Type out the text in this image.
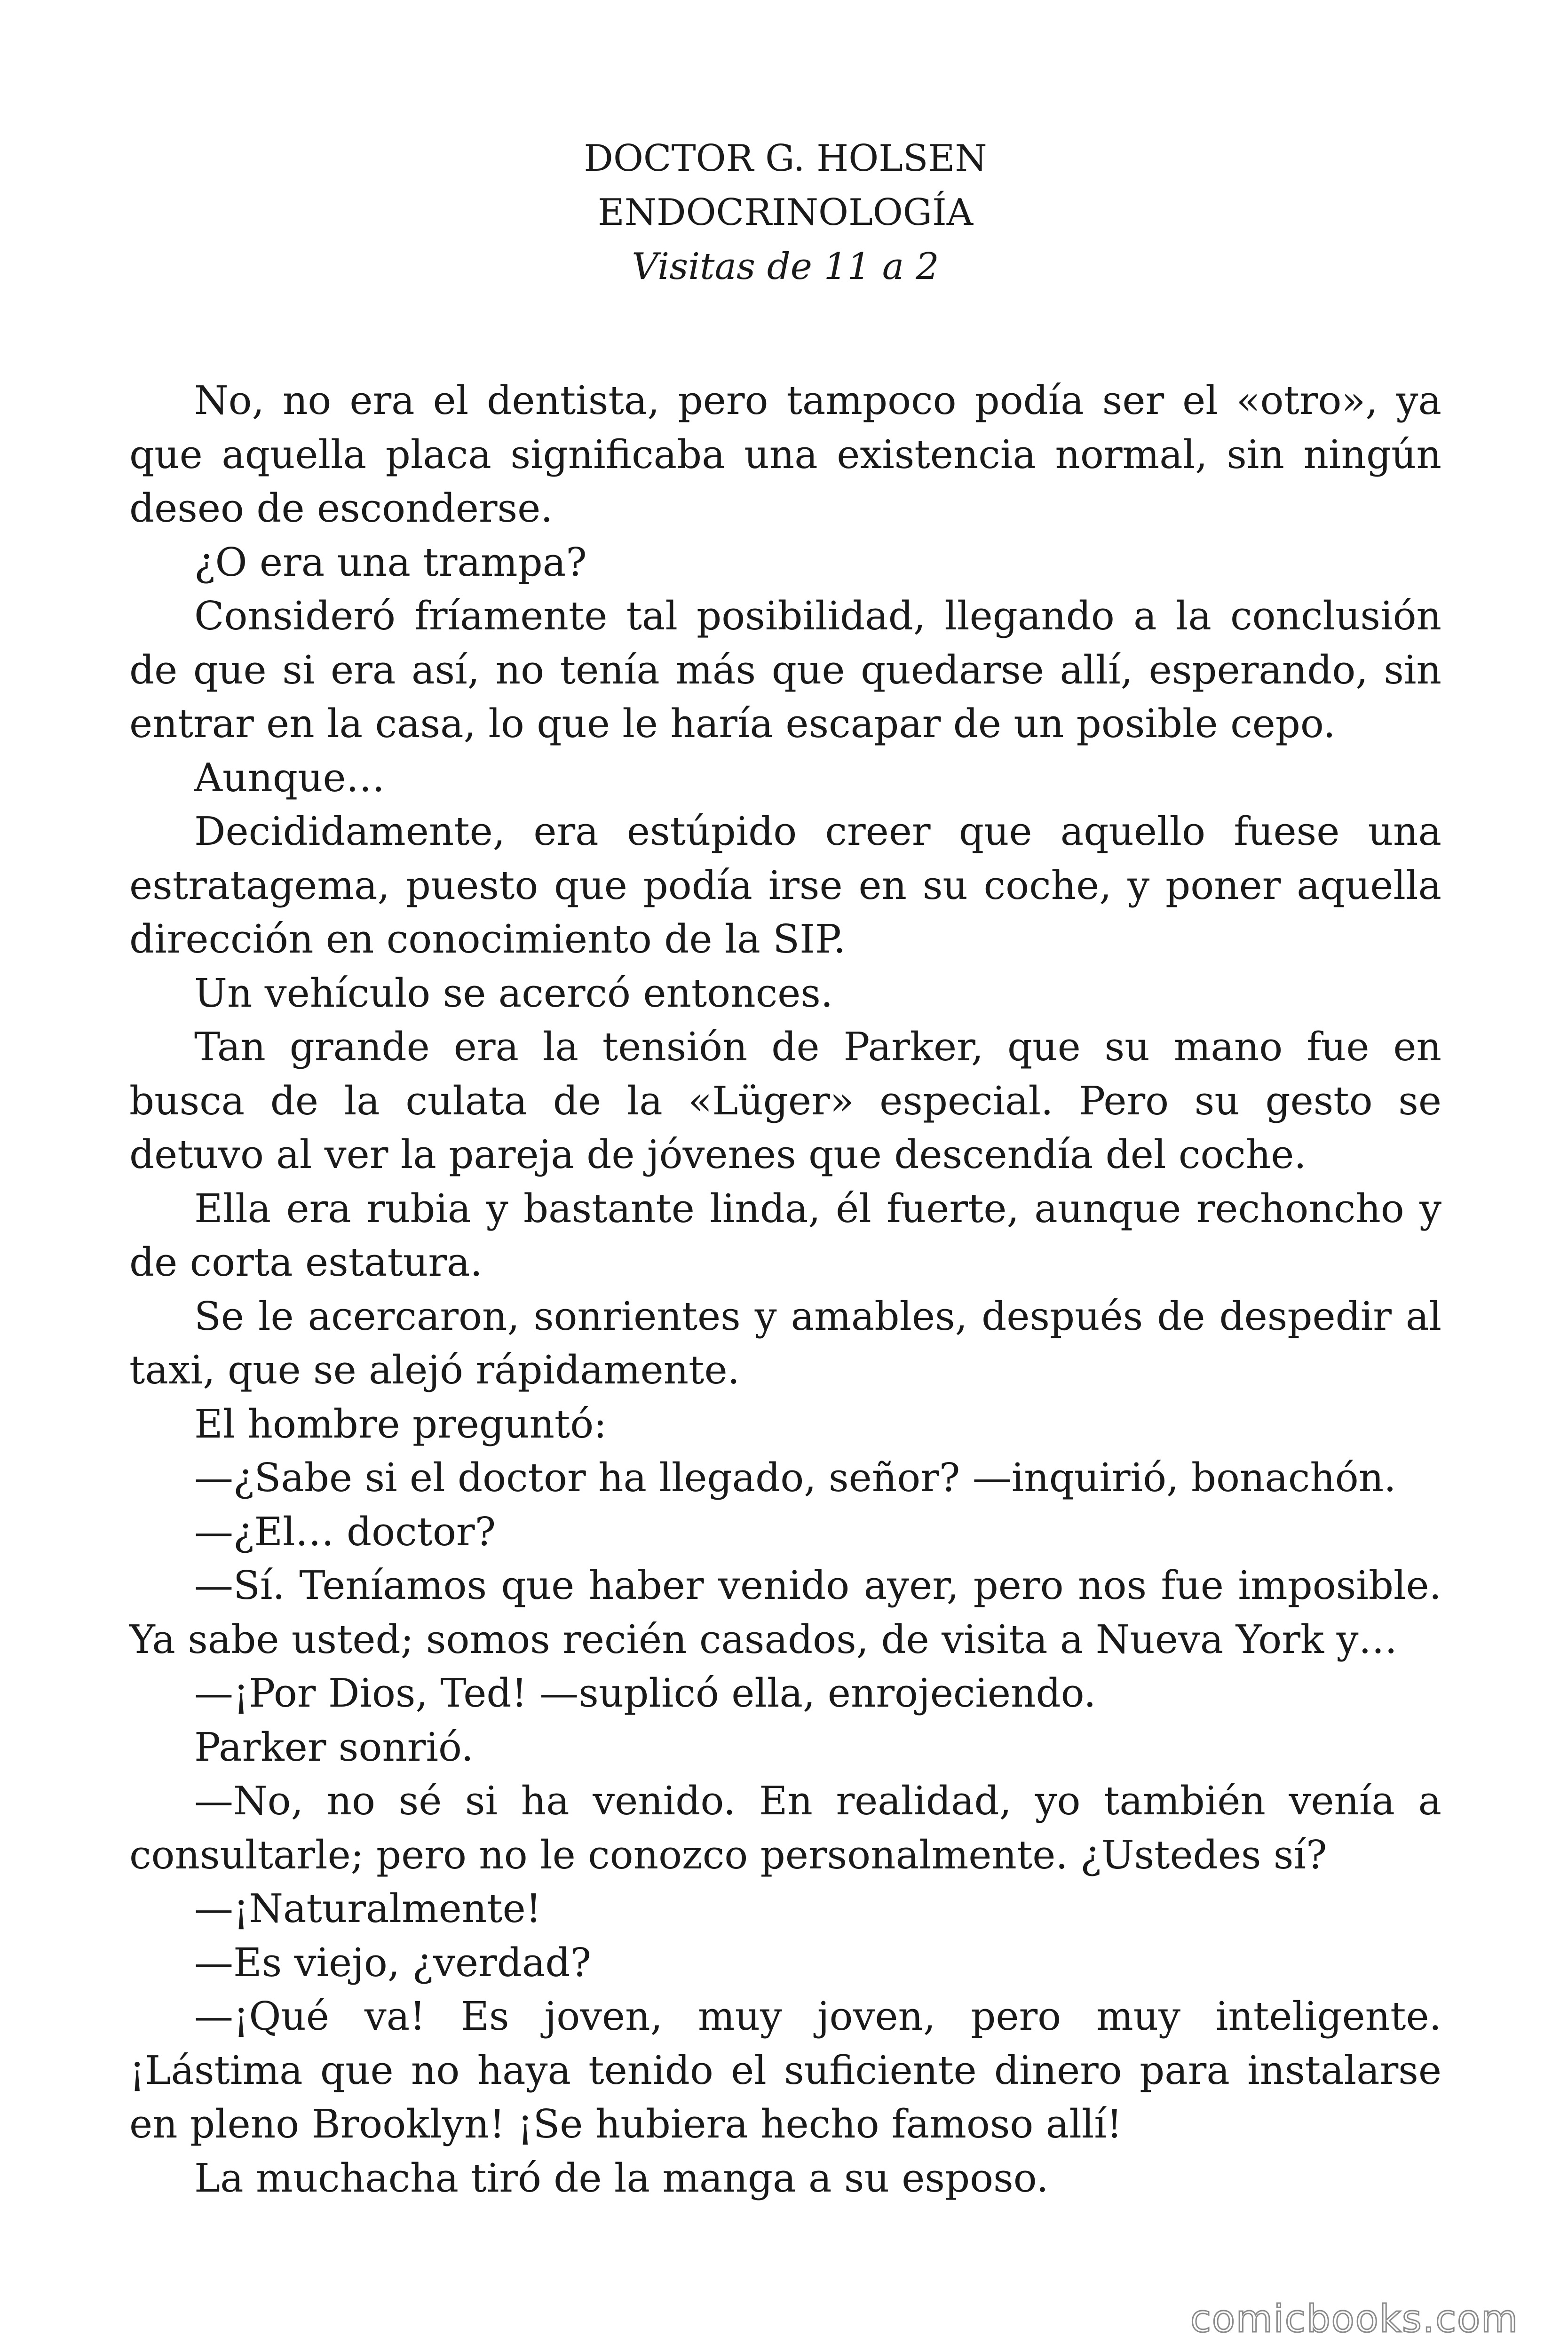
DOCTOR G. HOLSEN

ENDOCRINOLOGÍA

Visitas de 11 a 2

No, no era el dentista, pero tampoco podía ser el «otro», ya que aquella placa significaba una existencia normal, sin ningún deseo de esconderse.

¿O era una trampa?

Consideró fríamente tal posibilidad, llegando a la conclusión de que si era así, no tenía más que quedarse allí, esperando, sin entrar en la casa, lo que le haría escapar de un posible cepo.

Aunque…

Decididamente, era estúpido creer que aquello fuese una estratagema, puesto que podía irse en su coche, y poner aquella dirección en conocimiento de la SIP.

Un vehículo se acercó entonces.

Tan grande era la tensión de Parker, que su mano fue en busca de la culata de la «Lüger» especial. Pero su gesto se detuvo al ver la pareja de jóvenes que descendía del coche.

Ella era rubia y bastante linda, él fuerte, aunque rechoncho y de corta estatura.

Se le acercaron, sonrientes y amables, después de despedir al taxi, que se alejó rápidamente.

El hombre preguntó:

—¿Sabe si el doctor ha llegado, señor? —inquirió, bonachón.

—¿El… doctor?

—Sí. Teníamos que haber venido ayer, pero nos fue imposible. Ya sabe usted; somos recién casados, de visita a Nueva York y…

—¡Por Dios, Ted! —suplicó ella, enrojeciendo.

Parker sonrió.

—No, no sé si ha venido. En realidad, yo también venía a consultarle; pero no le conozco personalmente. ¿Ustedes sí?

—¡Naturalmente!

—Es viejo, ¿verdad?

—¡Qué va! Es joven, muy joven, pero muy inteligente. ¡Lástima que no haya tenido el suficiente dinero para instalarse en pleno Brooklyn! ¡Se hubiera hecho famoso allí!

La muchacha tiró de la manga a su esposo.

comicbooks.com
